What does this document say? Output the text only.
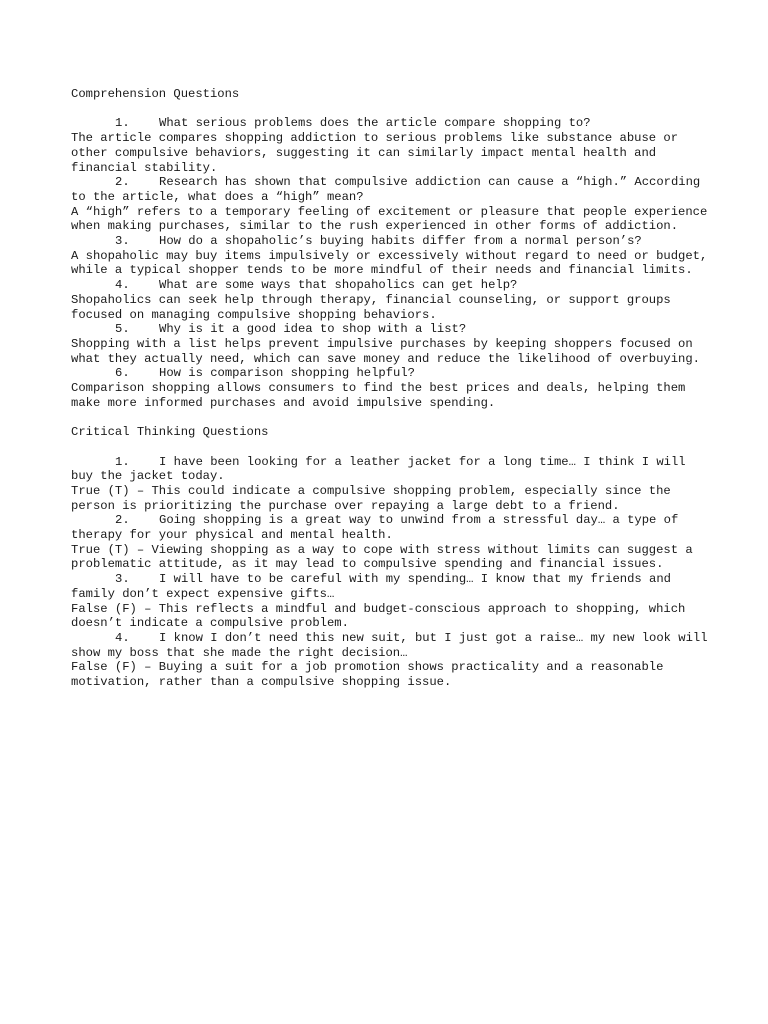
Comprehension Questions

1. What serious problems does the article compare shopping to?

The article compares shopping addiction to serious problems like substance abuse or other compulsive behaviors, suggesting it can similarly impact mental health and financial stability.

2. Research has shown that compulsive addiction can cause a “high.” According to the article, what does a “high” mean?

A “high” refers to a temporary feeling of excitement or pleasure that people experience when making purchases, similar to the rush experienced in other forms of addiction.

3. How do a shopaholic’s buying habits differ from a normal person’s?

A shopaholic may buy items impulsively or excessively without regard to need or budget, while a typical shopper tends to be more mindful of their needs and financial limits.

4. What are some ways that shopaholics can get help?

Shopaholics can seek help through therapy, financial counseling, or support groups focused on managing compulsive shopping behaviors.

5. Why is it a good idea to shop with a list?

Shopping with a list helps prevent impulsive purchases by keeping shoppers focused on what they actually need, which can save money and reduce the likelihood of overbuying.

6. How is comparison shopping helpful?

Comparison shopping allows consumers to find the best prices and deals, helping them make more informed purchases and avoid impulsive spending.

Critical Thinking Questions

1. I have been looking for a leather jacket for a long time… I think I will buy the jacket today.

True (T) – This could indicate a compulsive shopping problem, especially since the person is prioritizing the purchase over repaying a large debt to a friend.

2. Going shopping is a great way to unwind from a stressful day… a type of therapy for your physical and mental health.

True (T) – Viewing shopping as a way to cope with stress without limits can suggest a problematic attitude, as it may lead to compulsive spending and financial issues.

3. I will have to be careful with my spending… I know that my friends and family don’t expect expensive gifts…

False (F) – This reflects a mindful and budget-conscious approach to shopping, which doesn’t indicate a compulsive problem.

4. I know I don’t need this new suit, but I just got a raise… my new look will show my boss that she made the right decision…

False (F) – Buying a suit for a job promotion shows practicality and a reasonable motivation, rather than a compulsive shopping issue.
